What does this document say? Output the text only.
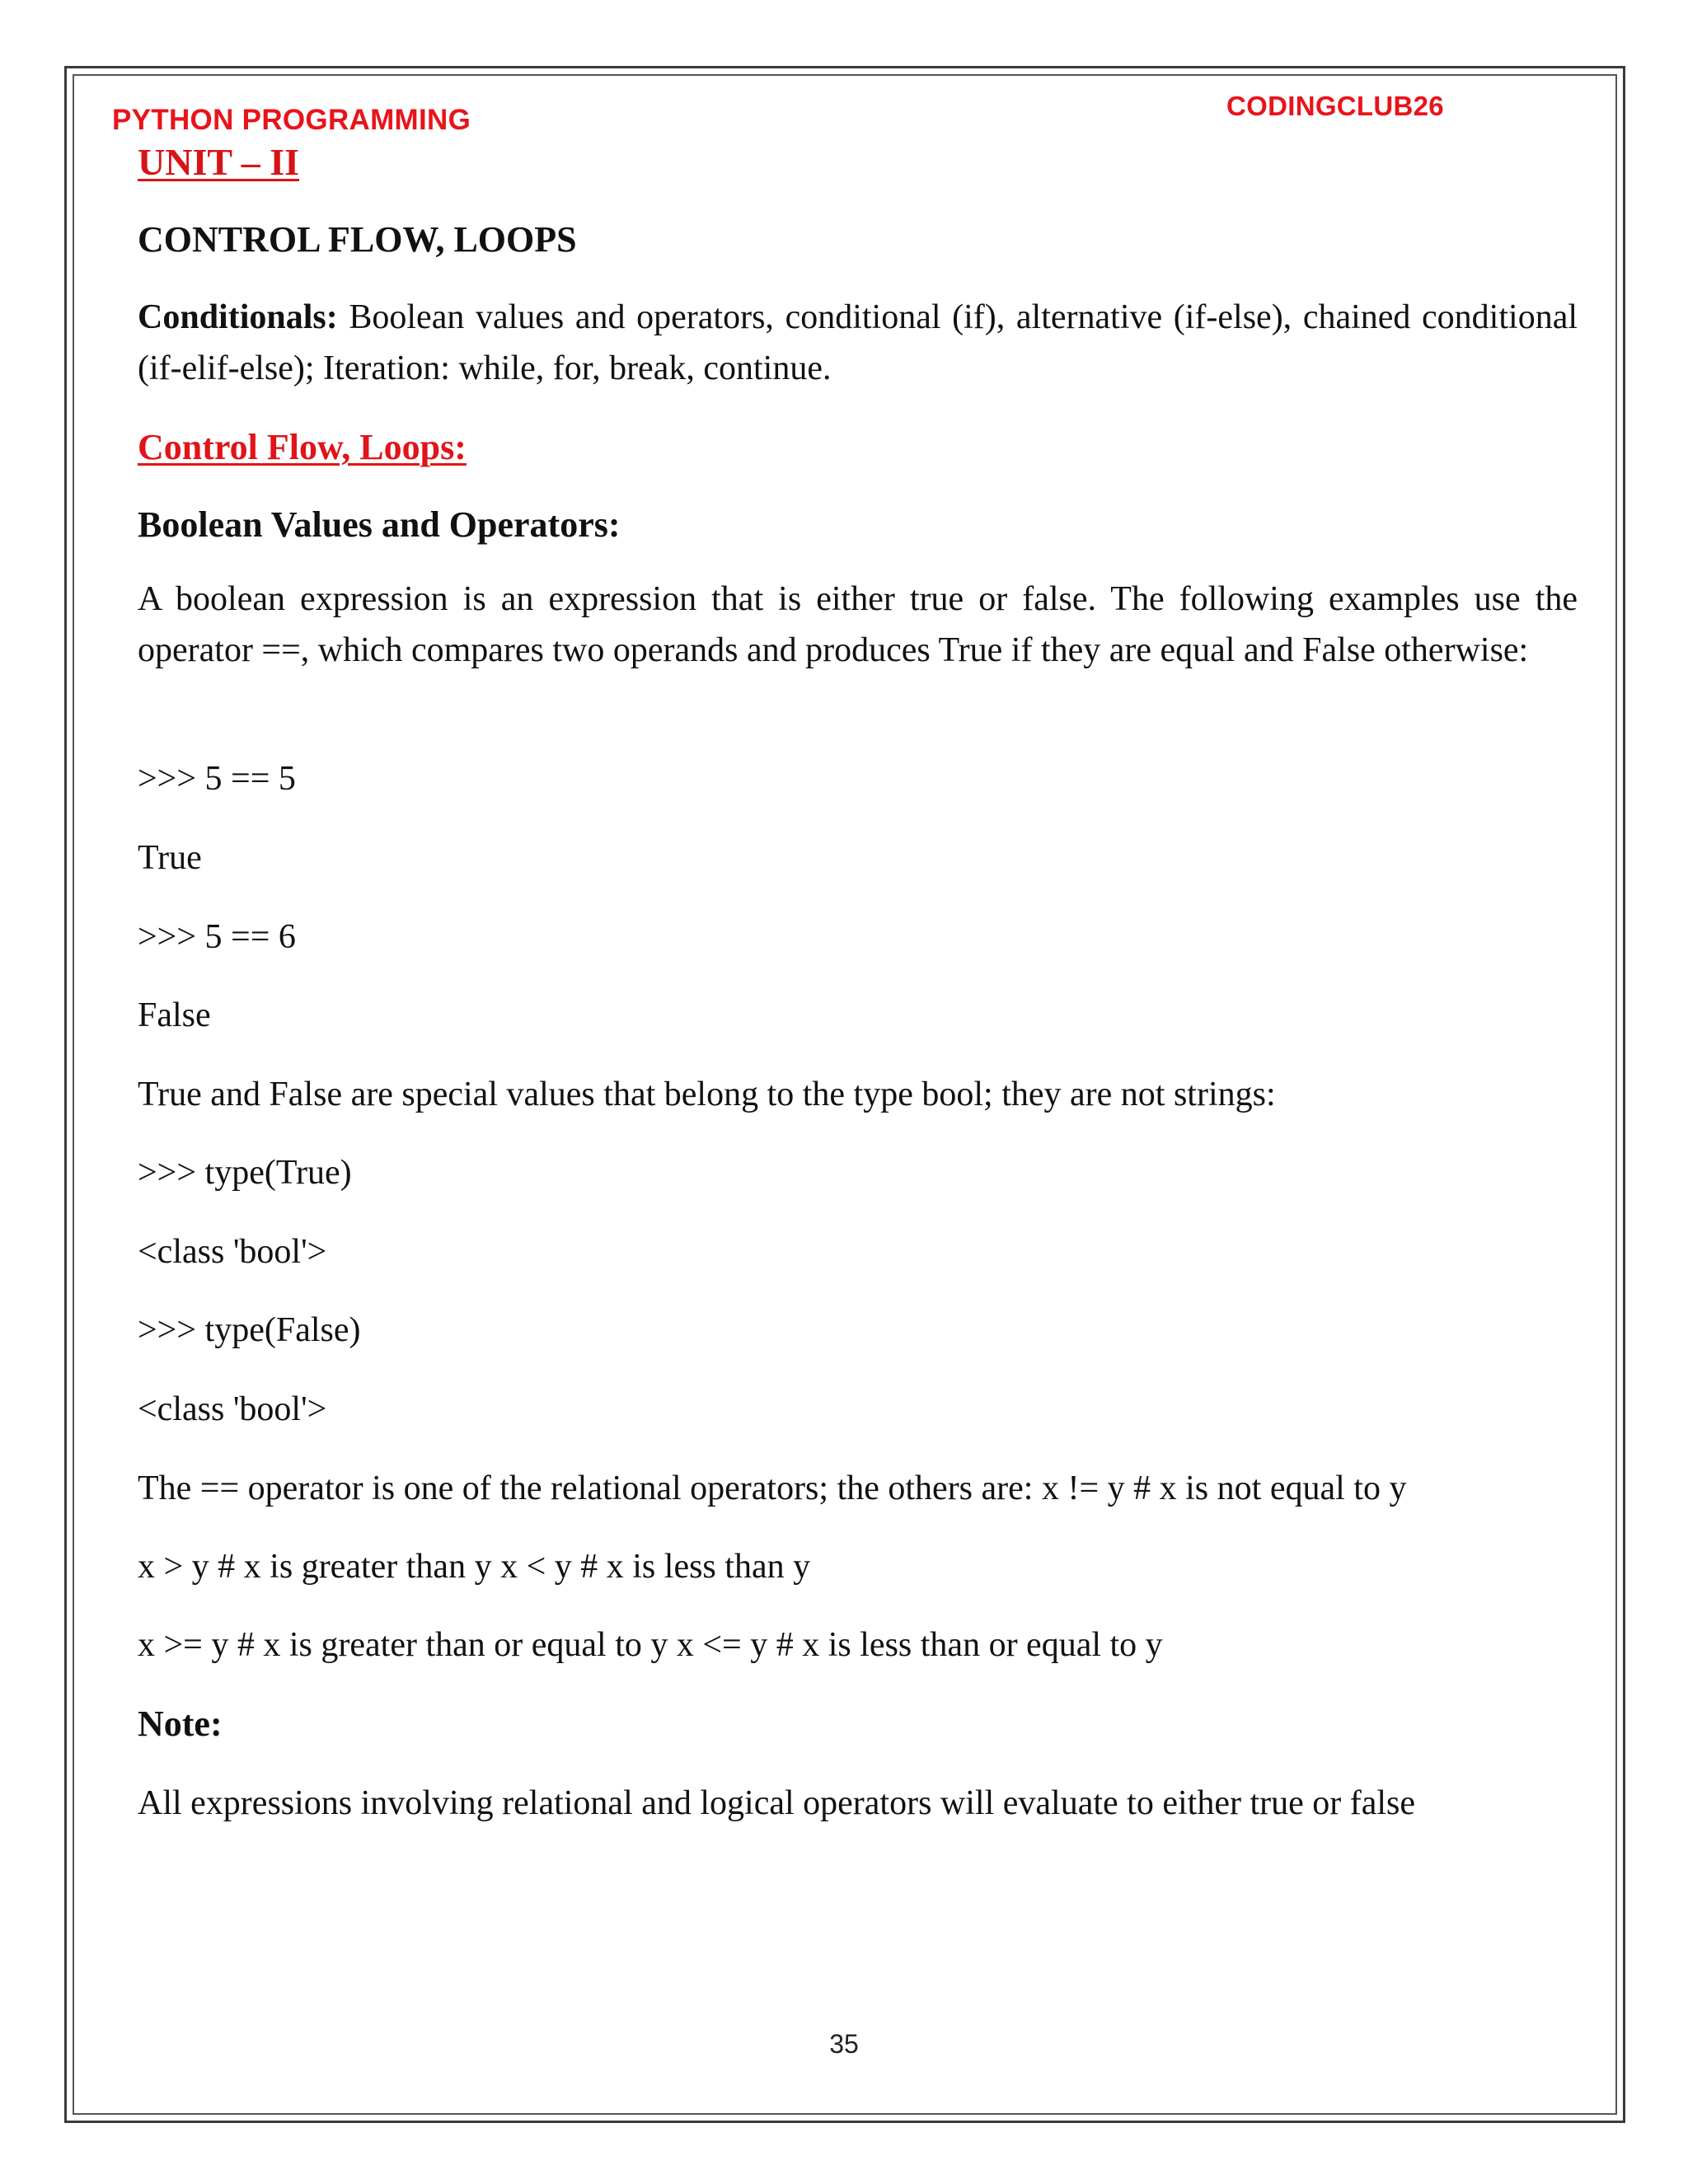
PYTHON PROGRAMMING	CODINGCLUB26
UNIT – II
CONTROL FLOW, LOOPS
Conditionals: Boolean values and operators, conditional (if), alternative (if-else), chained conditional (if-elif-else); Iteration: while, for, break, continue.
Control Flow, Loops:
Boolean Values and Operators:
A boolean expression is an expression that is either true or false. The following examples use the operator ==, which compares two operands and produces True if they are equal and False otherwise:
>>> 5 == 5
True
>>> 5 == 6
False
True and False are special values that belong to the type bool; they are not strings:
>>> type(True)
<class 'bool'>
>>> type(False)
<class 'bool'>
The == operator is one of the relational operators; the others are: x != y # x is not equal to y
x > y # x is greater than y x < y # x is less than y
x >= y # x is greater than or equal to y x <= y # x is less than or equal to y
Note:
All expressions involving relational and logical operators will evaluate to either true or false
35
